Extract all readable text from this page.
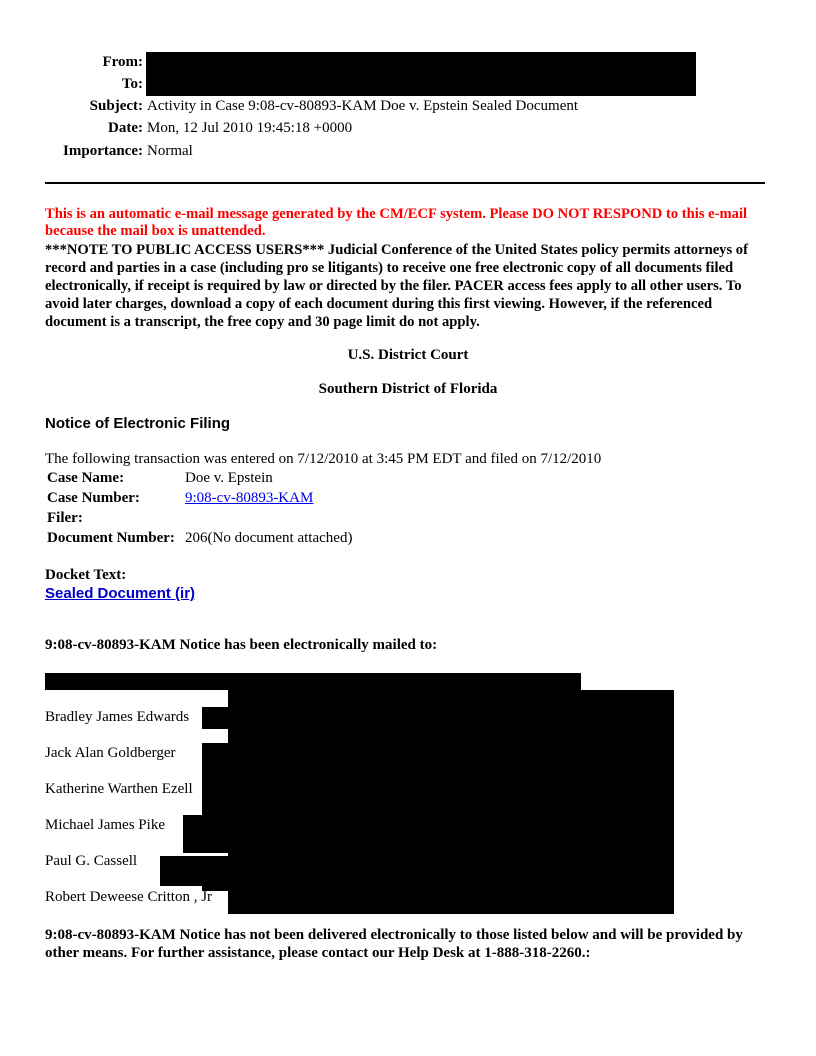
From:
To:
Subject: Activity in Case 9:08-cv-80893-KAM Doe v. Epstein Sealed Document
Date: Mon, 12 Jul 2010 19:45:18 +0000
Importance: Normal
This is an automatic e-mail message generated by the CM/ECF system. Please DO NOT RESPOND to this e-mail because the mail box is unattended.
***NOTE TO PUBLIC ACCESS USERS*** Judicial Conference of the United States policy permits attorneys of record and parties in a case (including pro se litigants) to receive one free electronic copy of all documents filed electronically, if receipt is required by law or directed by the filer. PACER access fees apply to all other users. To avoid later charges, download a copy of each document during this first viewing. However, if the referenced document is a transcript, the free copy and 30 page limit do not apply.
U.S. District Court
Southern District of Florida
Notice of Electronic Filing
The following transaction was entered on 7/12/2010 at 3:45 PM EDT and filed on 7/12/2010
Case Name:	Doe v. Epstein
Case Number:	9:08-cv-80893-KAM
Filer:
Document Number: 206(No document attached)
Docket Text:
Sealed Document (ir)
9:08-cv-80893-KAM Notice has been electronically mailed to:
Bradley James Edwards
Jack Alan Goldberger
Katherine Warthen Ezell
Michael James Pike
Paul G. Cassell
Robert Deweese Critton , Jr
9:08-cv-80893-KAM Notice has not been delivered electronically to those listed below and will be provided by other means. For further assistance, please contact our Help Desk at 1-888-318-2260.:
